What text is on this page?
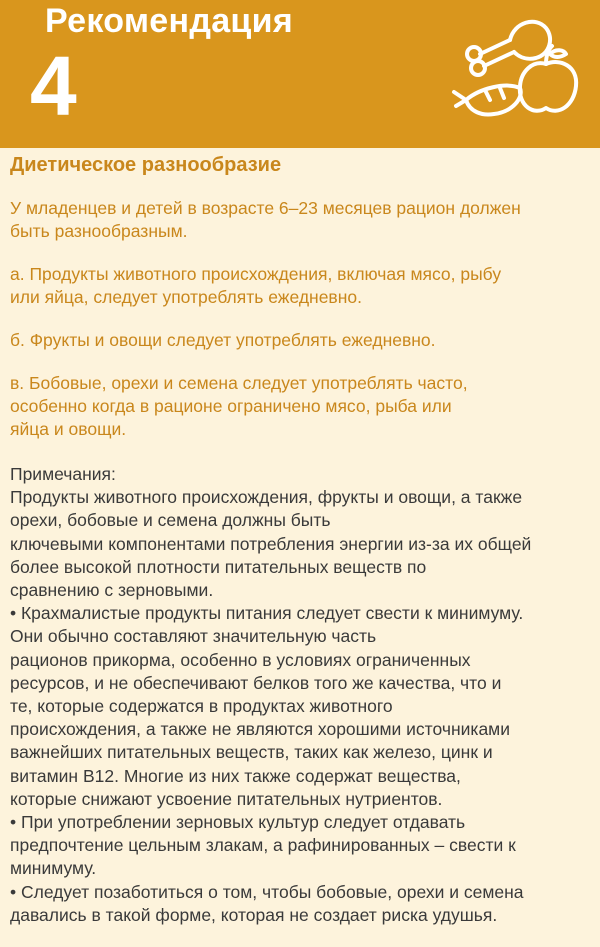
Рекомендация
4
Диетическое разнообразие
У младенцев и детей в возрасте 6–23 месяцев рацион должен
быть разнообразным.
а. Продукты животного происхождения, включая мясо, рыбу
или яйца, следует употреблять ежедневно.
б. Фрукты и овощи следует употреблять ежедневно.
в. Бобовые, орехи и семена следует употреблять часто,
особенно когда в рационе ограничено мясо, рыба или
яйца и овощи.
Примечания:
Продукты животного происхождения, фрукты и овощи, а также
орехи, бобовые и семена должны быть
ключевыми компонентами потребления энергии из-за их общей
более высокой плотности питательных веществ по
сравнению с зерновыми.
• Крахмалистые продукты питания следует свести к минимуму.
Они обычно составляют значительную часть
рационов прикорма, особенно в условиях ограниченных
ресурсов, и не обеспечивают белков того же качества, что и
те, которые содержатся в продуктах животного
происхождения, а также не являются хорошими источниками
важнейших питательных веществ, таких как железо, цинк и
витамин В12. Многие из них также содержат вещества,
которые снижают усвоение питательных нутриентов.
• При употреблении зерновых культур следует отдавать
предпочтение цельным злакам, а рафинированных – свести к
минимуму.
• Следует позаботиться о том, чтобы бобовые, орехи и семена
давались в такой форме, которая не создает риска удушья.
